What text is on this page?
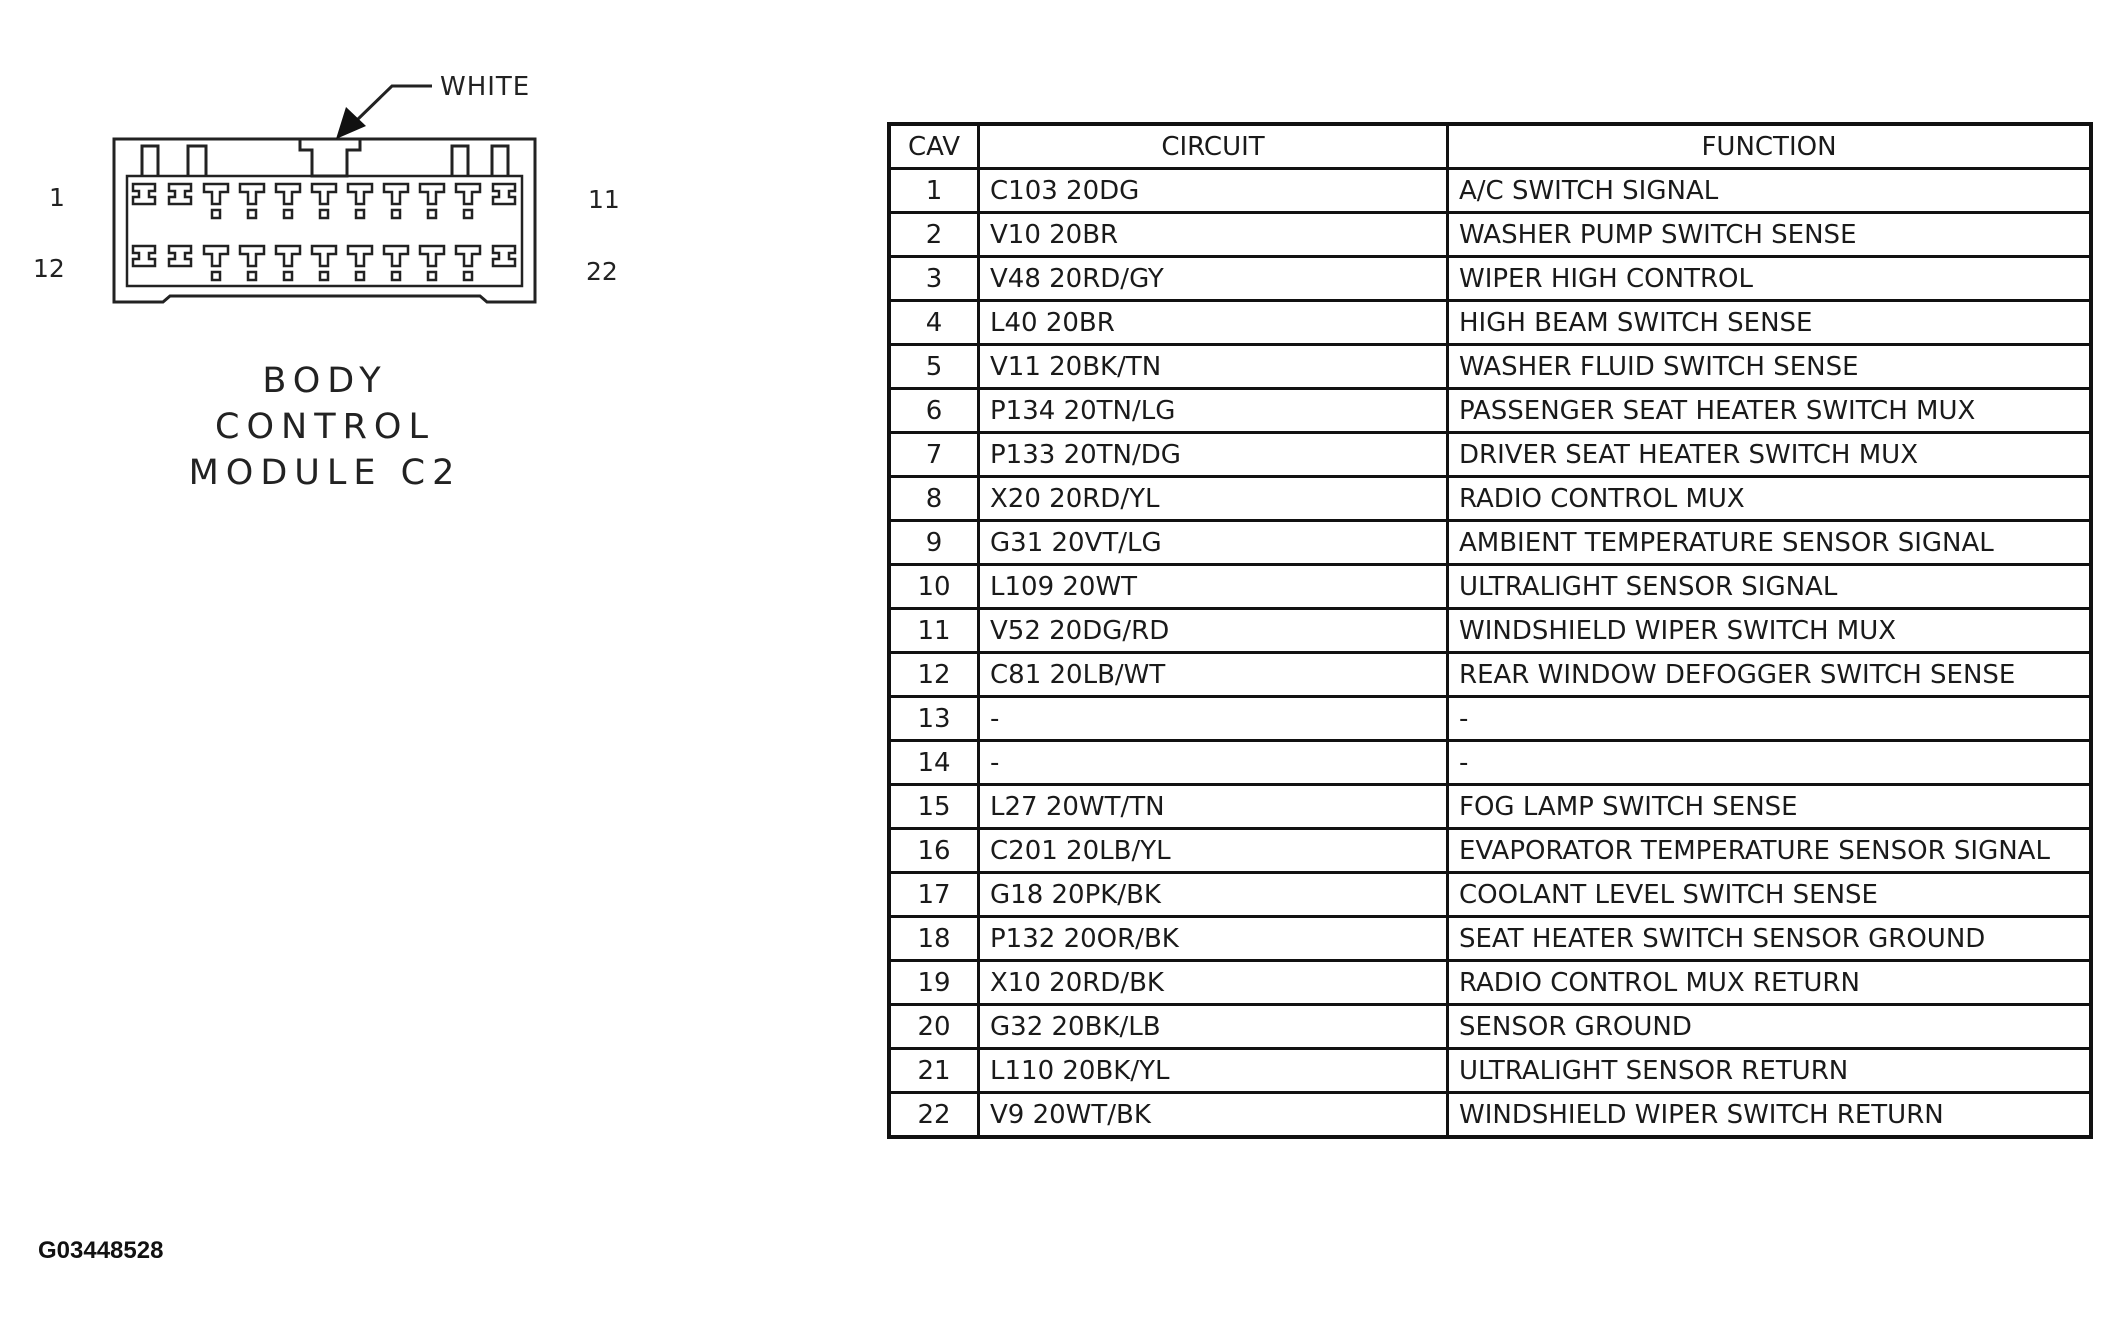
WHITE
1	11
12	22
BODY
CONTROL
MODULE C2
CAV	CIRCUIT	FUNCTION
1	C103 20DG	A/C SWITCH SIGNAL
2	V10 20BR	WASHER PUMP SWITCH SENSE
3	V48 20RD/GY	WIPER HIGH CONTROL
4	L40 20BR	HIGH BEAM SWITCH SENSE
5	V11 20BK/TN	WASHER FLUID SWITCH SENSE
6	P134 20TN/LG	PASSENGER SEAT HEATER SWITCH MUX
7	P133 20TN/DG	DRIVER SEAT HEATER SWITCH MUX
8	X20 20RD/YL	RADIO CONTROL MUX
9	G31 20VT/LG	AMBIENT TEMPERATURE SENSOR SIGNAL
10	L109 20WT	ULTRALIGHT SENSOR SIGNAL
11	V52 20DG/RD	WINDSHIELD WIPER SWITCH MUX
12	C81 20LB/WT	REAR WINDOW DEFOGGER SWITCH SENSE
13	-	-
14	-	-
15	L27 20WT/TN	FOG LAMP SWITCH SENSE
16	C201 20LB/YL	EVAPORATOR TEMPERATURE SENSOR SIGNAL
17	G18 20PK/BK	COOLANT LEVEL SWITCH SENSE
18	P132 20OR/BK	SEAT HEATER SWITCH SENSOR GROUND
19	X10 20RD/BK	RADIO CONTROL MUX RETURN
20	G32 20BK/LB	SENSOR GROUND
21	L110 20BK/YL	ULTRALIGHT SENSOR RETURN
22	V9 20WT/BK	WINDSHIELD WIPER SWITCH RETURN
G03448528
